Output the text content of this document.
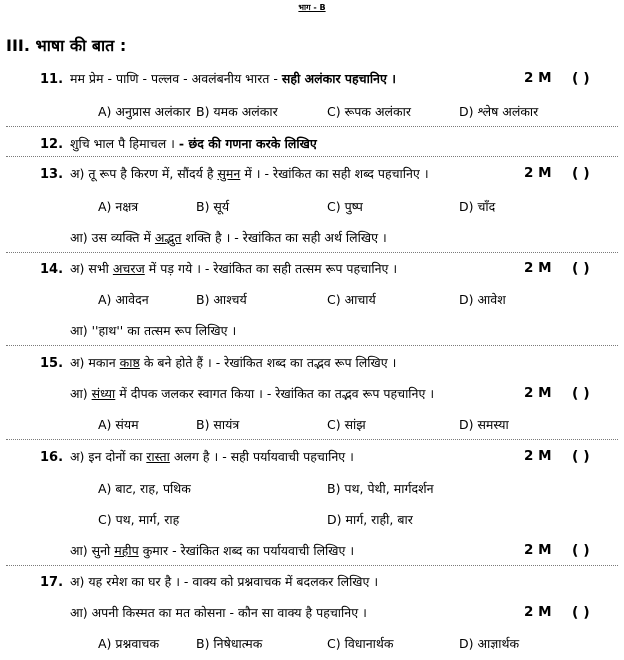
भाग - B
III. भाषा की बात :
11. मम प्रेम - पाणि - पल्लव - अवलंबनीय भारत - सही अलंकार पहचानिए ।	2 M ( )
A) अनुप्रास अलंकार B) यमक अलंकार	C) रूपक अलंकार	D) श्लेष अलंकार
12. शुचि भाल पै हिमाचल । - छंद की गणना करके लिखिए
13. अ) तू रूप है किरण में, सौंदर्य है सुमन में । - रेखांकित का सही शब्द पहचानिए ।	2 M ( )
A) नक्षत्र	B) सूर्य	C) पुष्प	D) चाँद
आ) उस व्यक्ति में अद्भुत शक्ति है । - रेखांकित का सही अर्थ लिखिए ।
14. अ) सभी अचरज में पड़ गये । - रेखांकित का सही तत्सम रूप पहचानिए ।	2 M ( )
A) आवेदन	B) आश्चर्य	C) आचार्य	D) आवेश
आ) ''हाथ'' का तत्सम रूप लिखिए ।
15. अ) मकान काष्ठ के बने होते हैं । - रेखांकित शब्द का तद्भव रूप लिखिए ।
आ) संध्या में दीपक जलकर स्वागत किया । - रेखांकित का तद्भव रूप पहचानिए ।	2 M ( )
A) संयम	B) सायंत्र	C) सांझ	D) समस्या
16. अ) इन दोनों का रास्ता अलग है । - सही पर्यायवाची पहचानिए ।	2 M ( )
A) बाट, राह, पथिक	B) पथ, पेथी, मार्गदर्शन
C) पथ, मार्ग, राह	D) मार्ग, राही, बार
आ) सुनो महीप कुमार - रेखांकित शब्द का पर्यायवाची लिखिए ।	2 M ( )
17. अ) यह रमेश का घर है । - वाक्य को प्रश्नवाचक में बदलकर लिखिए ।
आ) अपनी किस्मत का मत कोसना - कौन सा वाक्य है पहचानिए ।	2 M ( )
A) प्रश्नवाचक	B) निषेधात्मक	C) विधानार्थक	D) आज्ञार्थक
